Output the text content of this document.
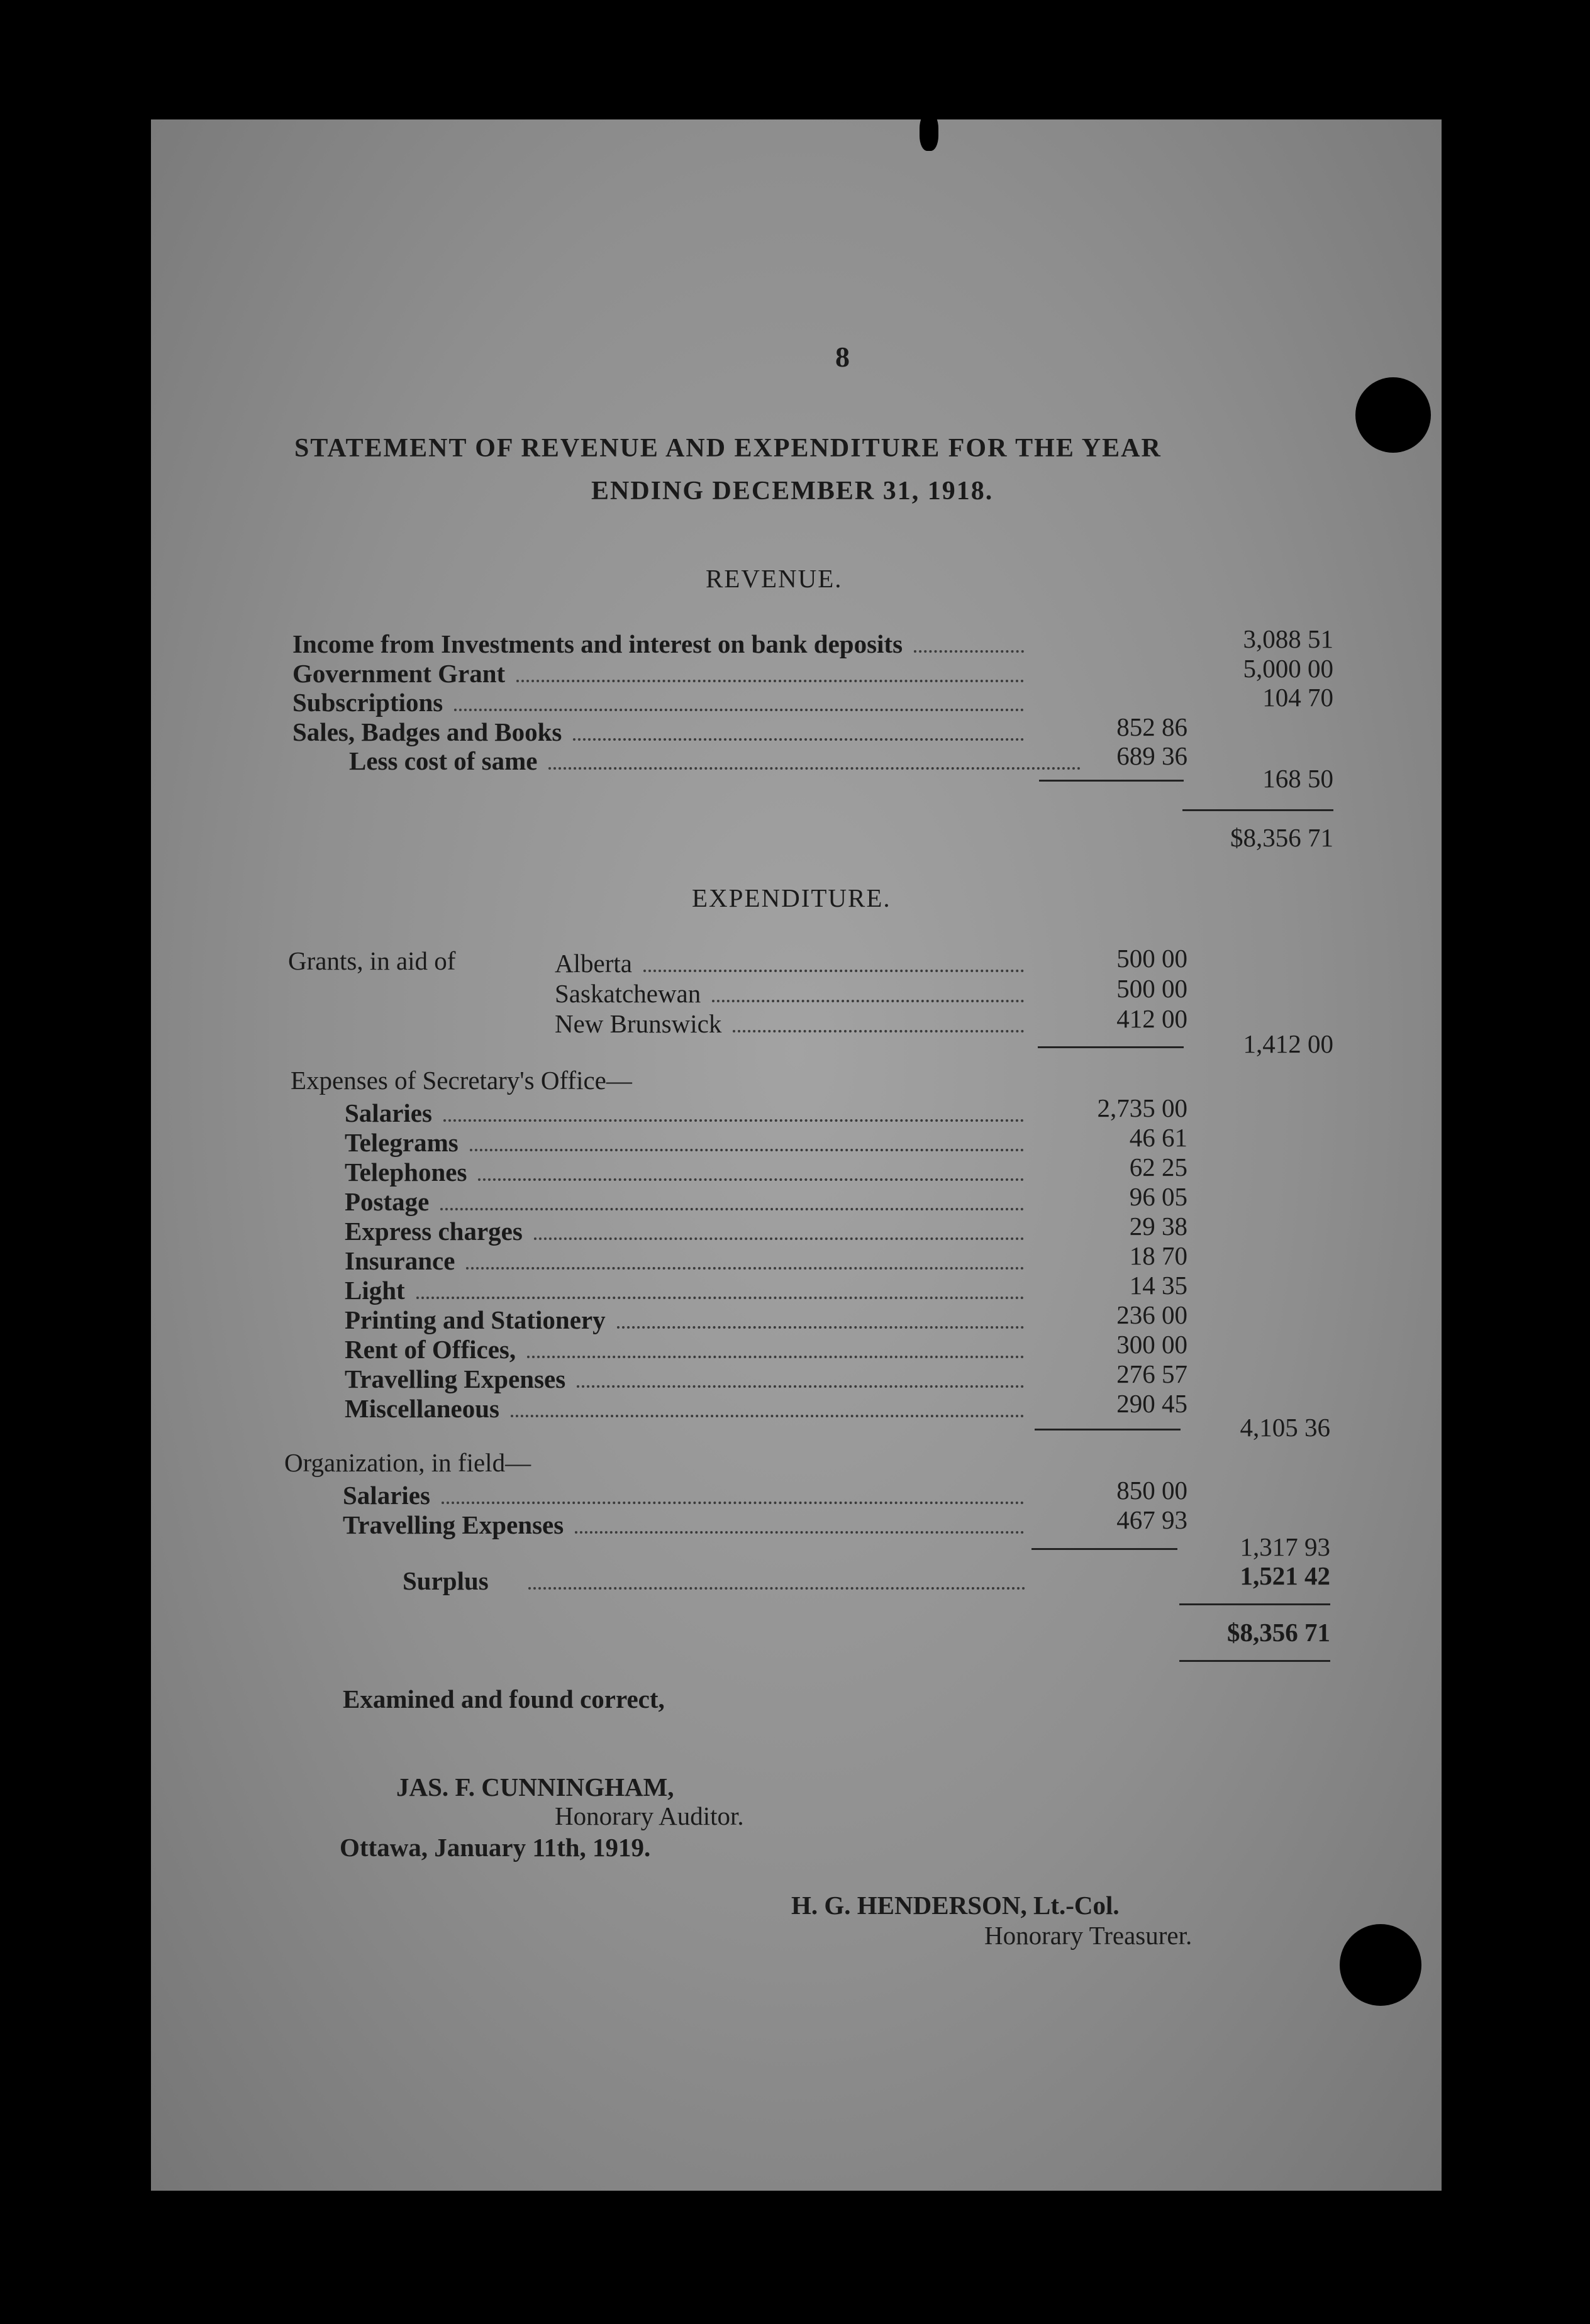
8
STATEMENT OF REVENUE AND EXPENDITURE FOR THE YEAR
ENDING DECEMBER 31, 1918.
REVENUE.
Income from Investments and interest on bank deposits
Government Grant
Subscriptions
Sales, Badges and Books
Less cost of same
168 50
$8,356 71
EXPENDITURE.
Grants, in aid of	Alberta
Saskatchewan
New Brunswick
1,412 00
Expenses of Secretary's Office—
Salaries
Telegrams
Telephones
Postage
Express charges
Insurance
Light
Printing and Stationery
Rent of Offices,
Travelling Expenses
Miscellaneous
4,105 36
Organization, in field—
Salaries
Travelling Expenses
1,317 93
Surplus	1,521 42
$8,356 71
Examined and found correct,
JAS. F. CUNNINGHAM,
Honorary Auditor.
Ottawa, January 11th, 1919.
H. G. HENDERSON, Lt.-Col.
Honorary Treasurer.
3,088 51
5,000 00
104 70
852 86
689 36
500 00
500 00
412 00
2,735 00
46 61
62 25
96 05
29 38
18 70
14 35
236 00
300 00
276 57
290 45
850 00
467 93
